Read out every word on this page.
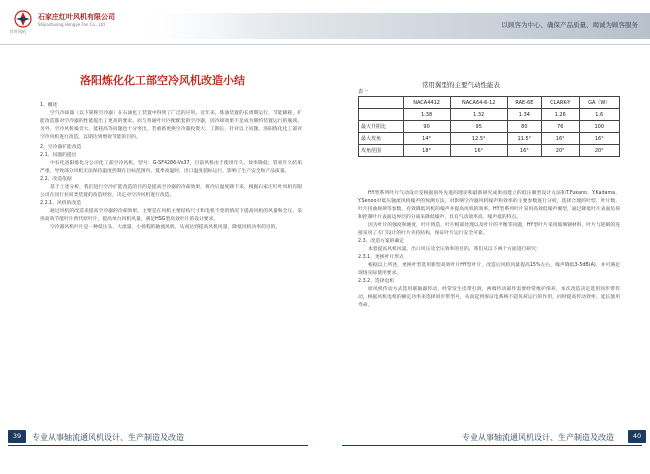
红叶风机
石家庄红叶风机有限公司
Shijiazhuang Hongye Fan Co., Ltd	以顾客为中心、确保产品质量、竭诚为顾客服务
洛阳炼化化工部空冷风机改造小结

1、概述

空气冷却器（以下简称空冷器）在石油化工装置中得到了广泛的应用。近年来，炼油装置的长周期运行，节能降耗，扩能改造都对空冷器的性能提出了更高的要求。而与普通叶片匹配配套的空冷器，因冷却效果不足成为制约装置运行的瓶颈。另外，空冷风机噪音大、能耗高等问题也十分突出，若重新更换空冷器投资大、工期长，针对以上问题，洛阳炼化化工部对空冷风机进行改造，以期达到增效节能的目的。

2、空冷器扩能改造

2.1、问题的提出

中石化洛阳炼化分公司化工部空冷风机，型号：G-SF4286-Vs37，目前风机由于使用年久，效率降低；管束年久结垢严重，导致部分风机无法保持温度控制在目标范围内。夏季高温时，出口温度超标运行，影响了生产安全和产品质量。

2.2、改造依据

基于上述分析，我们进行空冷扩能改造的目的是提高空冷器的冷却效果，将冷后温度降下来，根据石家庄红叶风机有限公司在同行业同类装置的改造经验，决定对空冷风机进行改造。

2.2.1、风机的改造

通过风机的改造来提高空冷器的冷却效果。主要是在风机主要结构尺寸和电机不变的情况下提高风机的风量和全压，采用高效节能叶片替代原叶片，提高单台风机风量，满足HSG型高效叶片的设计要求。

空冷器风机叶片是一种低压头、大流量、小扬程的轴流风机，从而达到提高风机风量，降低风机功率的目的。

常用翼型的主要气动性能表
表一
	NACA4412	NACA64-6-12	RAE-6E	CLARK-Y	GA（W）
	1.38	1.32	1.34	1.26	1.6
最大升阻比	90	95	80	76	100
最大攻角	14°	12.5°	11.5°	16°	16°
攻角范围	18°	16°	16°	20°	20°

HY型系列叶片气动设计是根据国外先进的理论和最新研究成果而建立的低压翼型设计方法和T.Fukano、Y.Kadama、Y.Senoo对低压轴流风机噪声的预测方法，对影响空冷器风机噪声和效率的主要参数进行分析，选择合理的叶型、叶片数、叶片扭曲规律等参数，有效降低风机的噪声并提高风机的效率。HY型系列叶片采用高效低噪声翼型，通过降低叶片表面负荷和控制叶片表面边界层的分离来降低噪声，具有气动效率高、噪声低的特点。

因为叶片的强度和刚度，叶片铸造，叶片根部处理以及叶片的平衡等问题，HY型叶片采用玻璃钢材料，叶片与轮毂的连接采用了专门设计的叶片夹持结构，保证叶片运行安全可靠。

2.3、改造方案的确定

本着提高风机风量，出口风压及全压效率的目的，我们从以下两个方面进行研究：

2.3.1、更换叶片形式

根据以上所述，更换叶型选用新型高效叶片HY型叶片，改造后风机风量提高15%左右，噪声降低3-5dB(A)，并可满足现场实际使用要求。

2.3.2、选择电机

原风机传动方式选用联轴器传动，经常发生皮带打滑，两端传动部件需要经常维护保养，本次改造决定选用同步带传动，根据风机电机的额定功率来选择同步带型号，从而起到保证电系统不超负荷运行的作用，同时提高传动效率，延长使用寿命。

39	专业从事轴流通风机设计、生产制造及改造	专业从事轴流通风机设计、生产制造及改造	40
